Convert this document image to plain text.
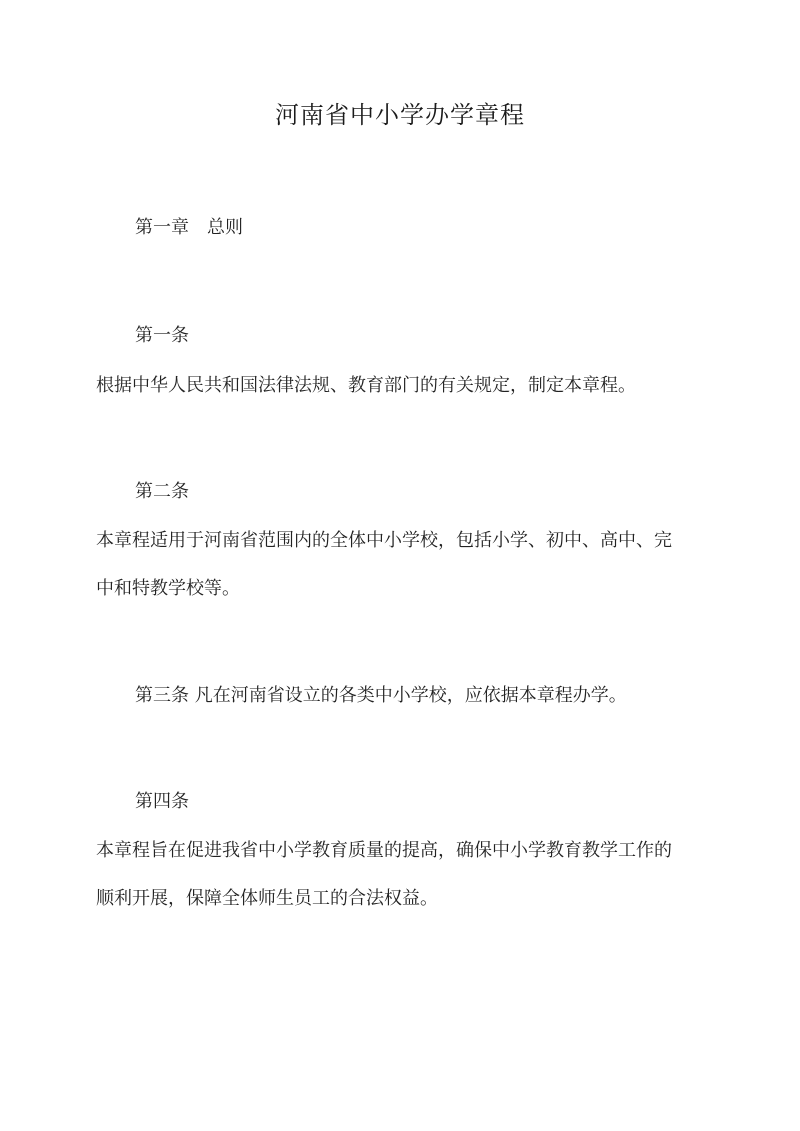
河南省中小学办学章程
第一章　总则
第一条
根据中华人民共和国法律法规、教育部门的有关规定，制定本章程。
第二条
本章程适用于河南省范围内的全体中小学校，包括小学、初中、高中、完
中和特教学校等。
第三条 凡在河南省设立的各类中小学校，应依据本章程办学。
第四条
本章程旨在促进我省中小学教育质量的提高，确保中小学教育教学工作的
顺利开展，保障全体师生员工的合法权益。
